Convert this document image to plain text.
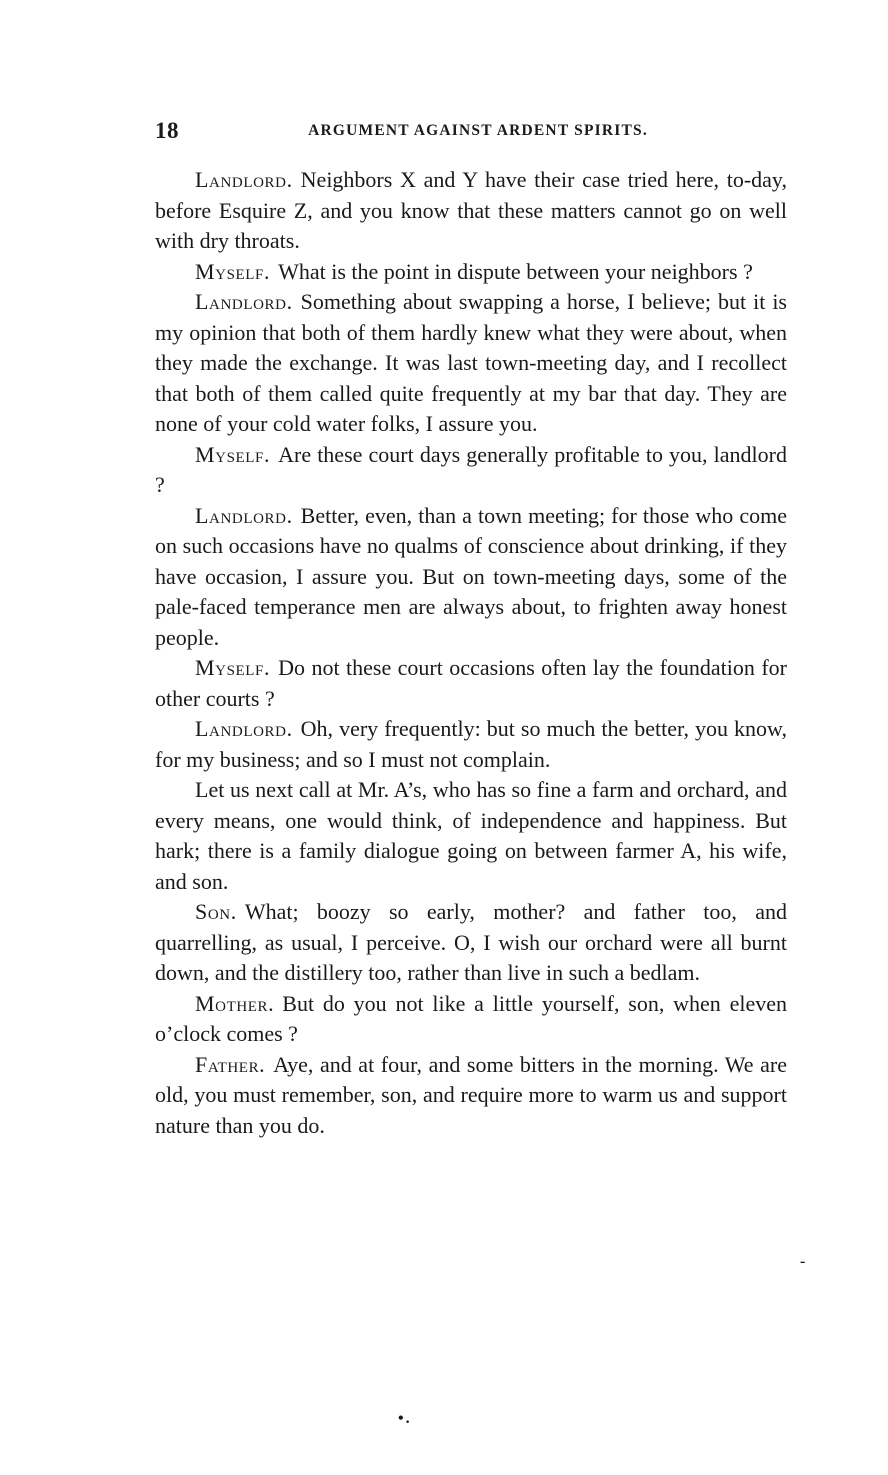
18	ARGUMENT AGAINST ARDENT SPIRITS.

Landlord. Neighbors X and Y have their case tried here, to-day, before Esquire Z, and you know that these matters cannot go on well with dry throats.

Myself. What is the point in dispute between your neighbors ?

Landlord. Something about swapping a horse, I believe; but it is my opinion that both of them hardly knew what they were about, when they made the exchange. It was last town-meeting day, and I recollect that both of them called quite frequently at my bar that day. They are none of your cold water folks, I assure you.

Myself. Are these court days generally profitable to you, landlord ?

Landlord. Better, even, than a town meeting; for those who come on such occasions have no qualms of conscience about drinking, if they have occasion, I assure you. But on town-meeting days, some of the pale-faced temperance men are always about, to frighten away honest people.

Myself. Do not these court occasions often lay the foundation for other courts ?

Landlord. Oh, very frequently: but so much the better, you know, for my business; and so I must not complain.

Let us next call at Mr. A’s, who has so fine a farm and orchard, and every means, one would think, of independence and happiness. But hark; there is a family dialogue going on between farmer A, his wife, and son.

Son. What; boozy so early, mother? and father too, and quarrelling, as usual, I perceive. O, I wish our orchard were all burnt down, and the distillery too, rather than live in such a bedlam.

Mother. But do you not like a little yourself, son, when eleven o’clock comes ?

Father. Aye, and at four, and some bitters in the morning. We are old, you must remember, son, and require more to warm us and support nature than you do.

-
•.
